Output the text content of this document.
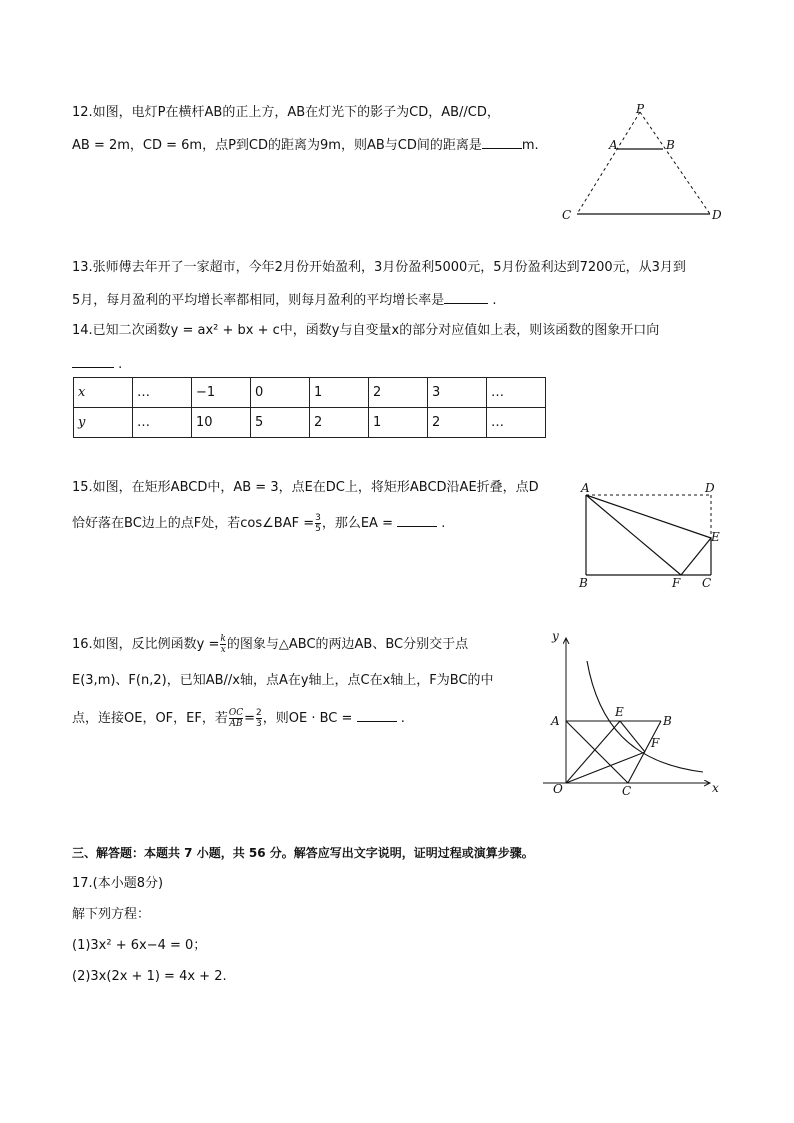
12.如图，电灯P在横杆AB的正上方，AB在灯光下的影子为CD，AB//CD，
AB = 2m，CD = 6m，点P到CD的距离为9m，则AB与CD间的距离是	m.
P
A	B
C	D
13.张师傅去年开了一家超市，今年2月份开始盈利，3月份盈利5000元，5月份盈利达到7200元，从3月到
5月，每月盈利的平均增长率都相同，则每月盈利的平均增长率是	.
14.已知二次函数y = ax² + bx + c中，函数y与自变量x的部分对应值如上表，则该函数的图象开口向
.
x	…	−1	0	1	2	3	…
y	…	10	5	2	1	2	…
15.如图，在矩形ABCD中，AB = 3，点E在DC上，将矩形ABCD沿AE折叠，点D
恰好落在BC边上的点F处，若cos∠BAF = $\frac{3}{5}$ ，那么EA =	.
A	D
E
B	F C
16.如图，反比例函数$y = \frac{k}{x}$ 的图象与△ABC的两边AB、BC分别交于点
E(3,m)、F(n,2)，已知AB//x轴，点A在y轴上，点C在x轴上，F为BC的中
点，连接OE，OF，EF，若 $\frac{OC}{AB} = \frac{2}{3}$ ，则OE · BC =	.
y
x
O
A
E
B
F
C
三、解答题：本题共 7 小题，共 56 分。解答应写出文字说明，证明过程或演算步骤。
17.(本小题8分)
解下列方程：
(1)3x² + 6x−4 = 0；
(2)3x(2x + 1) = 4x + 2.
